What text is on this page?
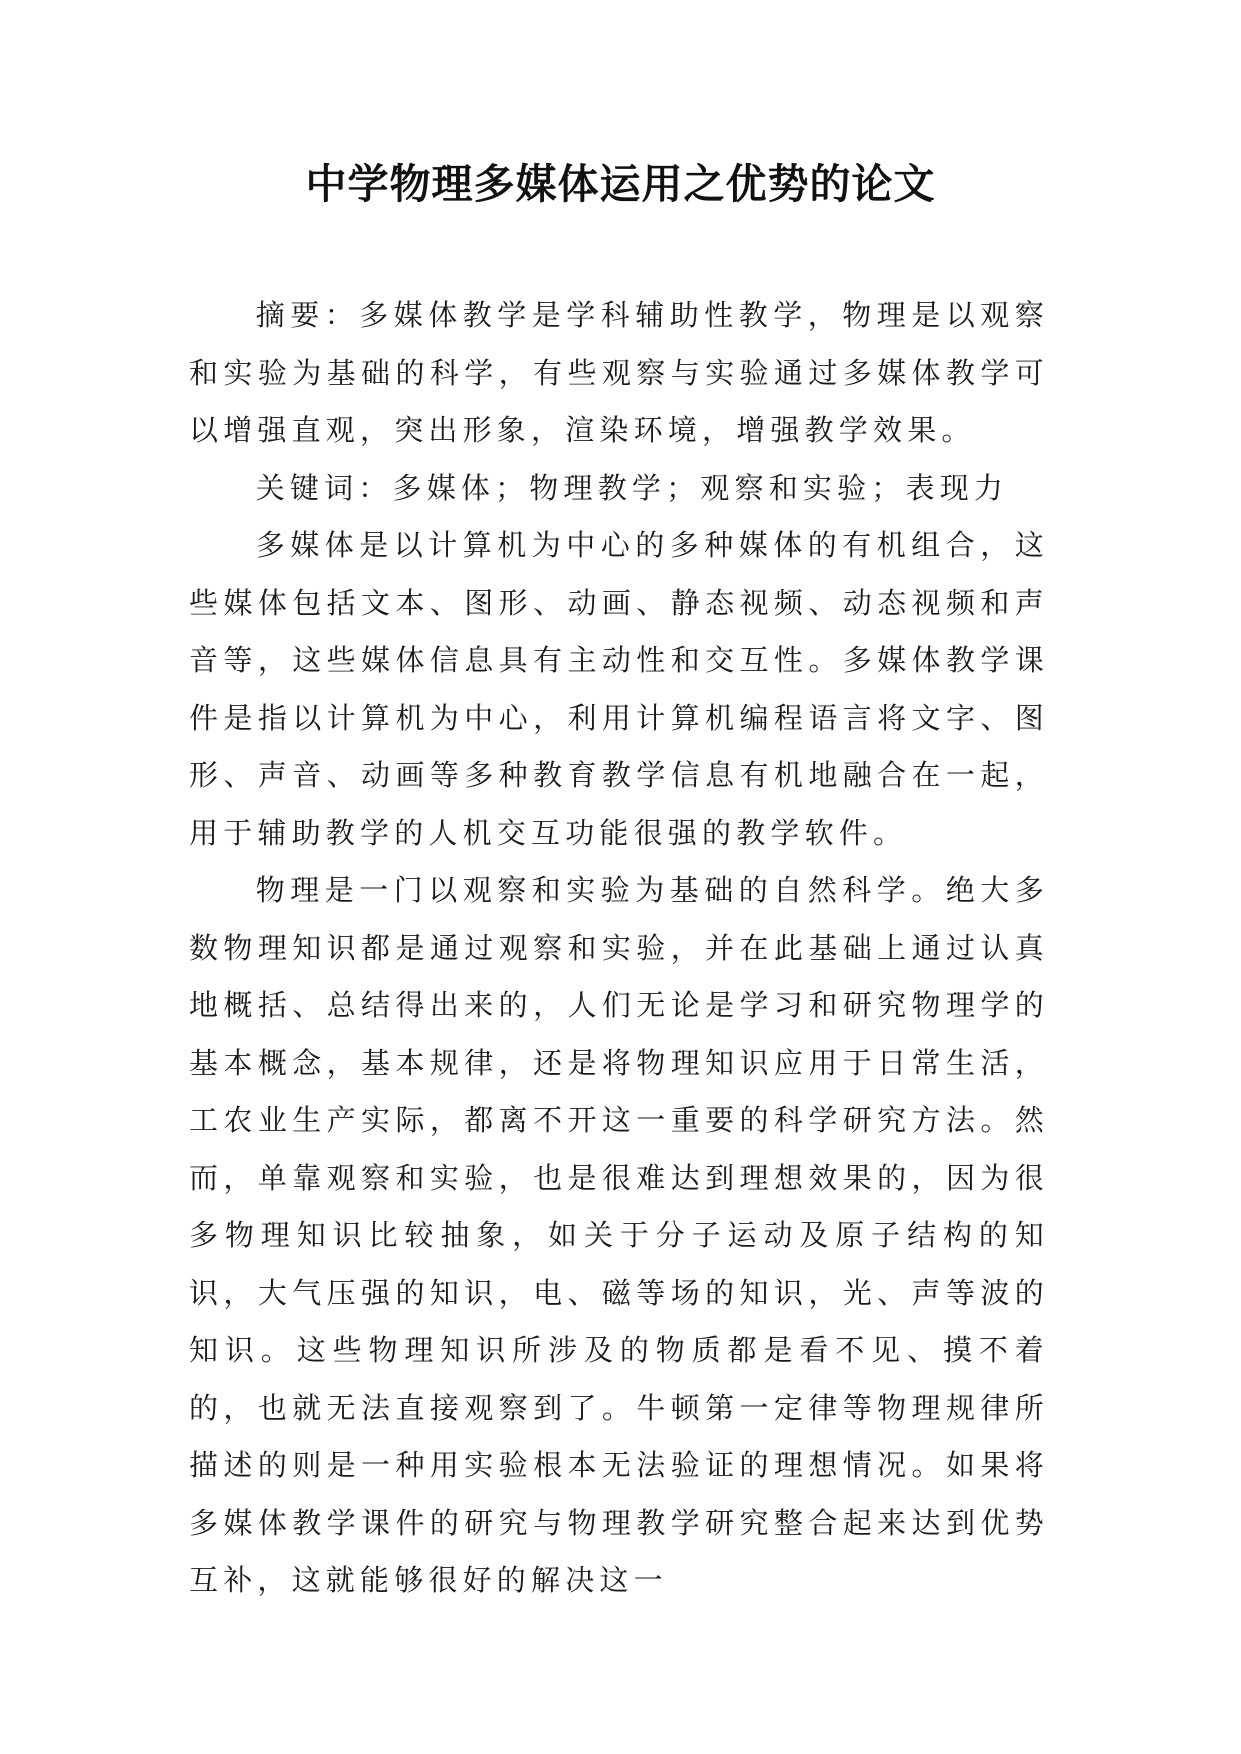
中学物理多媒体运用之优势的论文

摘要：多媒体教学是学科辅助性教学，物理是以观察和实验为基础的科学，有些观察与实验通过多媒体教学可以增强直观，突出形象，渲染环境，增强教学效果。

关键词：多媒体；物理教学；观察和实验；表现力

多媒体是以计算机为中心的多种媒体的有机组合，这些媒体包括文本、图形、动画、静态视频、动态视频和声音等，这些媒体信息具有主动性和交互性。多媒体教学课件是指以计算机为中心，利用计算机编程语言将文字、图形、声音、动画等多种教育教学信息有机地融合在一起，用于辅助教学的人机交互功能很强的教学软件。

物理是一门以观察和实验为基础的自然科学。绝大多数物理知识都是通过观察和实验，并在此基础上通过认真地概括、总结得出来的，人们无论是学习和研究物理学的基本概念，基本规律，还是将物理知识应用于日常生活，工农业生产实际，都离不开这一重要的科学研究方法。然而，单靠观察和实验，也是很难达到理想效果的，因为很多物理知识比较抽象，如关于分子运动及原子结构的知识，大气压强的知识，电、磁等场的知识，光、声等波的知识。这些物理知识所涉及的物质都是看不见、摸不着的，也就无法直接观察到了。牛顿第一定律等物理规律所描述的则是一种用实验根本无法验证的理想情况。如果将多媒体教学课件的研究与物理教学研究整合起来达到优势互补，这就能够很好的解决这一
